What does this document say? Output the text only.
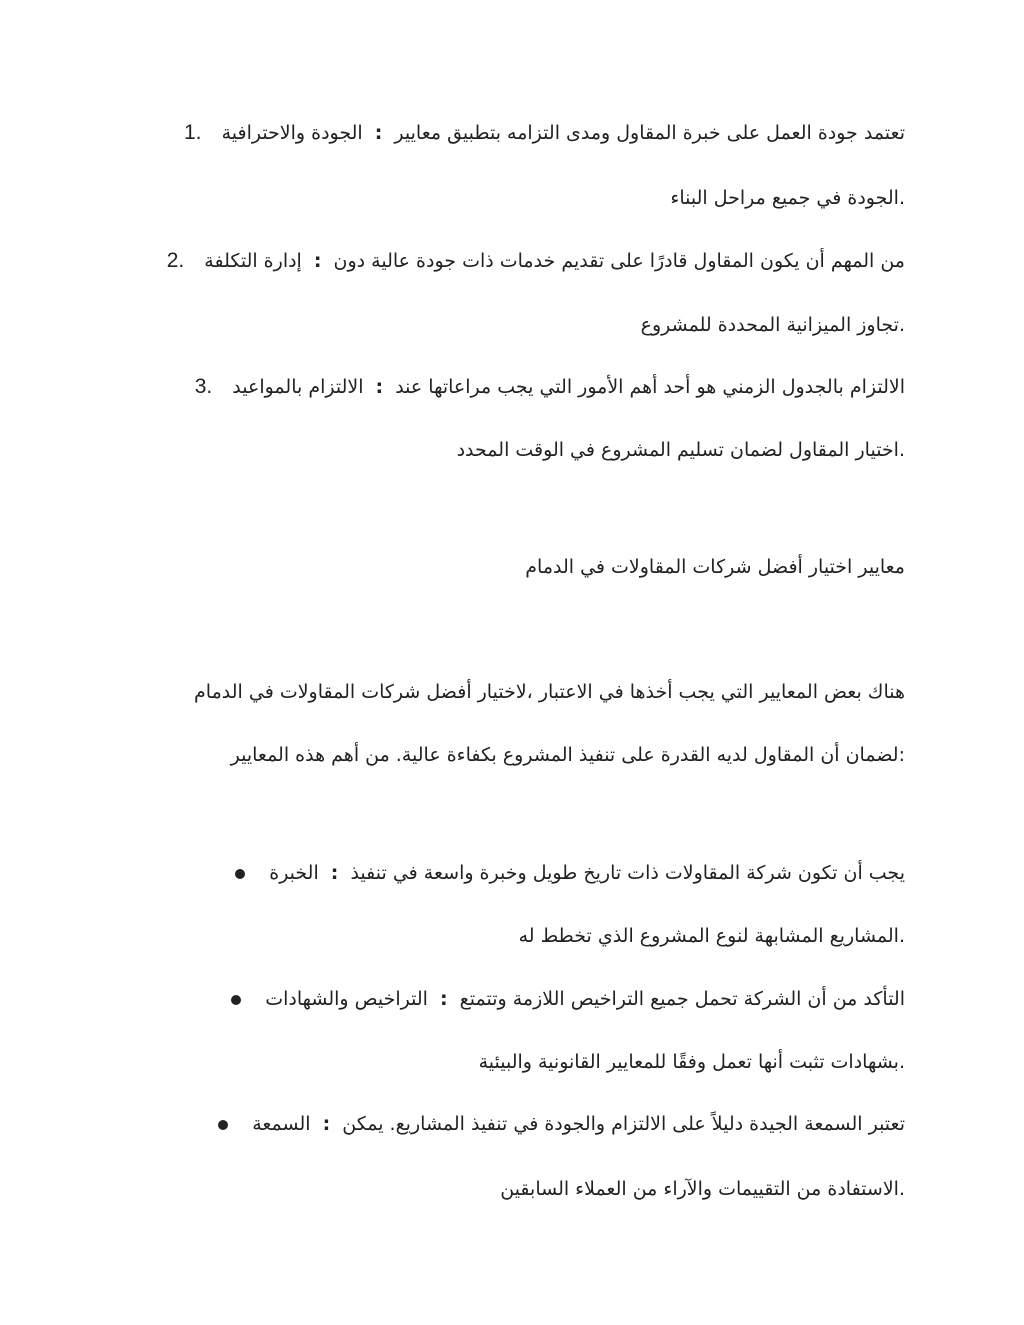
تعتمد جودة العمل على خبرة المقاول ومدى التزامه بتطبيق معايير : الجودة والاحترافية 1.
.الجودة في جميع مراحل البناء
من المهم أن يكون المقاول قادرًا على تقديم خدمات ذات جودة عالية دون : إدارة التكلفة 2.
.تجاوز الميزانية المحددة للمشروع
الالتزام بالجدول الزمني هو أحد أهم الأمور التي يجب مراعاتها عند : الالتزام بالمواعيد 3.
.اختيار المقاول لضمان تسليم المشروع في الوقت المحدد
معايير اختيار أفضل شركات المقاولات في الدمام
هناك بعض المعايير التي يجب أخذها في الاعتبار ،لاختيار أفضل شركات المقاولات في الدمام
:لضمان أن المقاول لديه القدرة على تنفيذ المشروع بكفاءة عالية. من أهم هذه المعايير
يجب أن تكون شركة المقاولات ذات تاريخ طويل وخبرة واسعة في تنفيذ : الخبرة
.المشاريع المشابهة لنوع المشروع الذي تخطط له
التأكد من أن الشركة تحمل جميع التراخيص اللازمة وتتمتع : التراخيص والشهادات
.بشهادات تثبت أنها تعمل وفقًا للمعايير القانونية والبيئية
تعتبر السمعة الجيدة دليلاً على الالتزام والجودة في تنفيذ المشاريع. يمكن : السمعة
.الاستفادة من التقييمات والآراء من العملاء السابقين
